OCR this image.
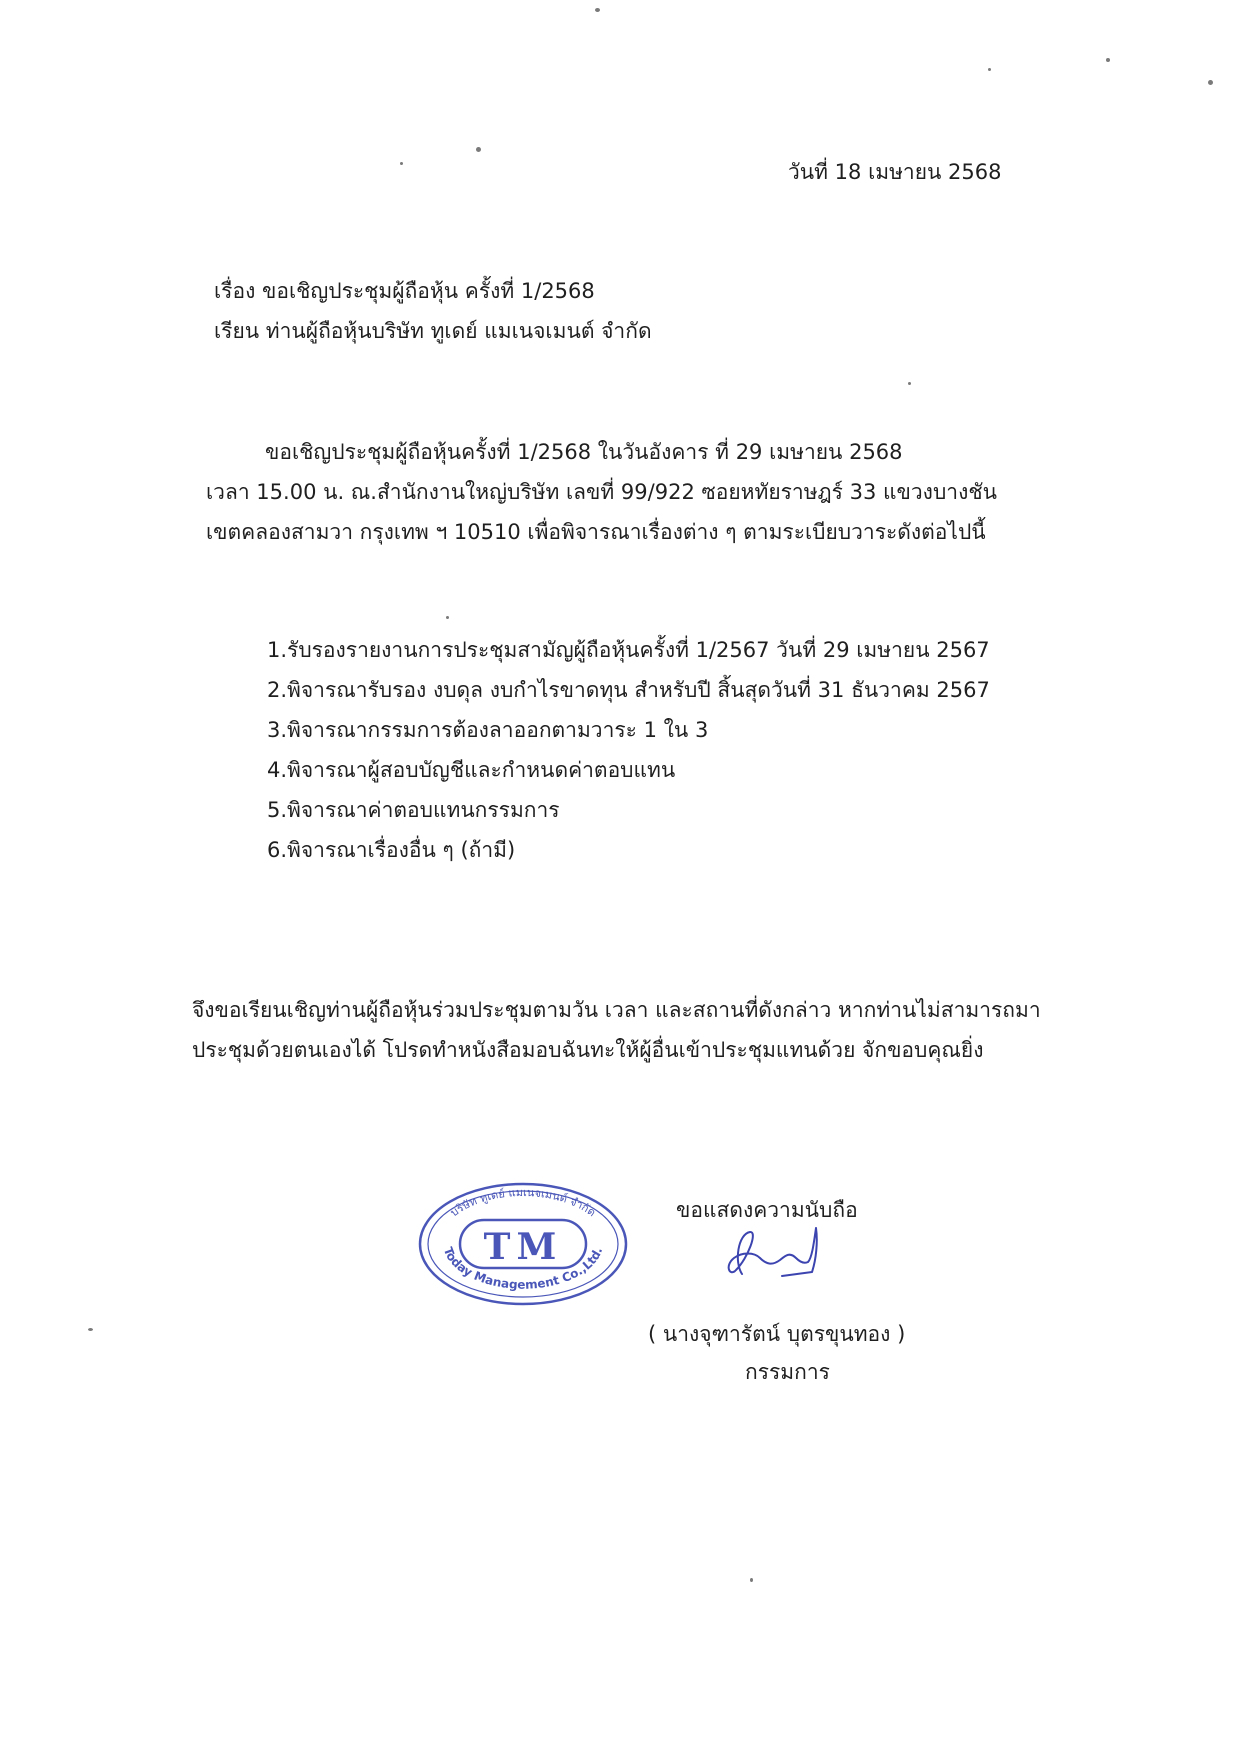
วันที่ 18 เมษายน 2568
เรื่อง ขอเชิญประชุมผู้ถือหุ้น ครั้งที่ 1/2568
เรียน ท่านผู้ถือหุ้นบริษัท ทูเดย์ แมเนจเมนต์ จำกัด
ขอเชิญประชุมผู้ถือหุ้นครั้งที่ 1/2568 ในวันอังคาร ที่ 29 เมษายน 2568
เวลา 15.00 น. ณ.สำนักงานใหญ่บริษัท เลขที่ 99/922 ซอยหทัยราษฎร์ 33 แขวงบางชัน
เขตคลองสามวา กรุงเทพ ฯ 10510 เพื่อพิจารณาเรื่องต่าง ๆ ตามระเบียบวาระดังต่อไปนี้
1.รับรองรายงานการประชุมสามัญผู้ถือหุ้นครั้งที่ 1/2567 วันที่ 29 เมษายน 2567
2.พิจารณารับรอง งบดุล งบกำไรขาดทุน สำหรับปี สิ้นสุดวันที่ 31 ธันวาคม 2567
3.พิจารณากรรมการต้องลาออกตามวาระ 1 ใน 3
4.พิจารณาผู้สอบบัญชีและกำหนดค่าตอบแทน
5.พิจารณาค่าตอบแทนกรรมการ
6.พิจารณาเรื่องอื่น ๆ (ถ้ามี)
จึงขอเรียนเชิญท่านผู้ถือหุ้นร่วมประชุมตามวัน เวลา และสถานที่ดังกล่าว หากท่านไม่สามารถมา
ประชุมด้วยตนเองได้ โปรดทำหนังสือมอบฉันทะให้ผู้อื่นเข้าประชุมแทนด้วย จักขอบคุณยิ่ง
บริษัท ทูเดย์ แมเนจเมนต์ จำกัด
TM
Today Management Co.,Ltd.
ขอแสดงความนับถือ
( นางจุฑารัตน์ บุตรขุนทอง )
กรรมการ
